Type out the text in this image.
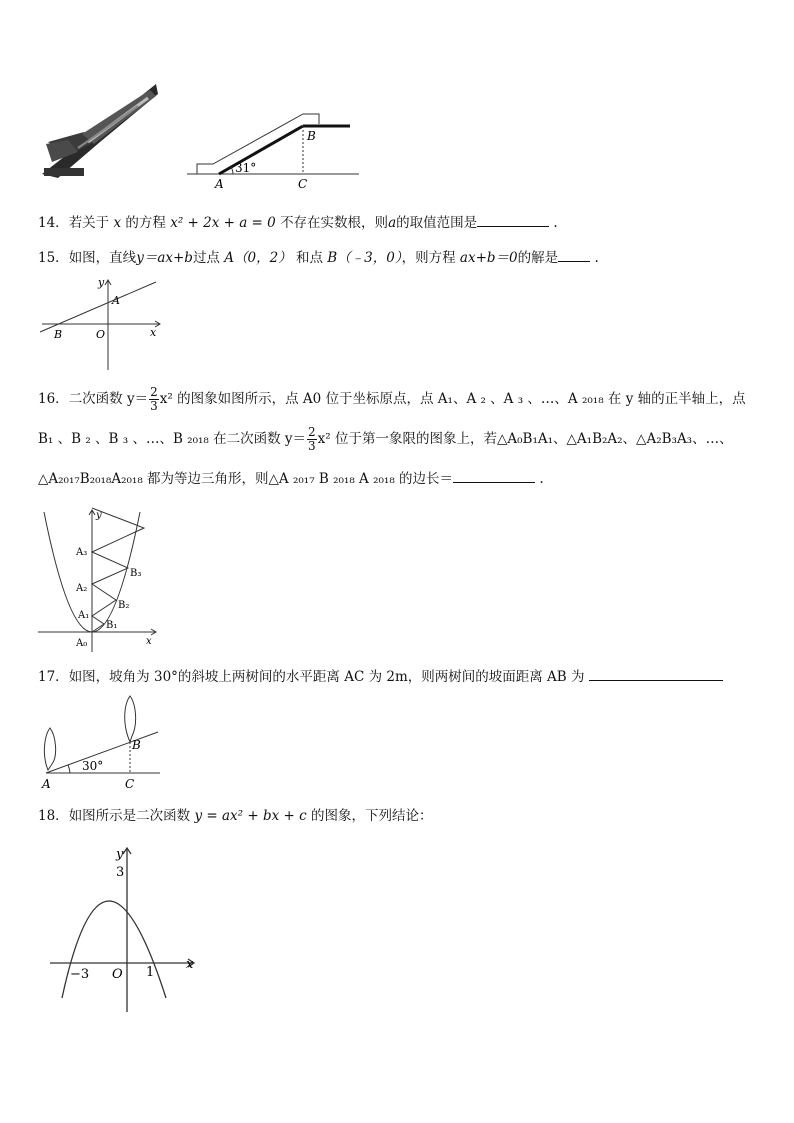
31°
A
B
C
14．若关于 x 的方程 x² + 2x + a = 0 不存在实数根，则a的取值范围是	.
15．如图，直线y＝ax+b过点 A（0，2） 和点 B（﹣3，0），则方程 ax+b＝0的解是	.
y
x
A
B	O
16．二次函数 $y= \frac{2}{3} x^2$ 的图象如图所示，点 A0 位于坐标原点，点 A₁、A ₂ 、A ₃ 、…、A ₂₀₁₈ 在 y 轴的正半轴上，点
B₁ 、B ₂ 、B ₃ 、…、B ₂₀₁₈ 在二次函数 $y= \frac{2}{3} x^2$ 位于第一象限的图象上，若△A₀B₁A₁、△A₁B₂A₂、△A₂B₃A₃、…、
△A₂₀₁₇B₂₀₁₈A₂₀₁₈ 都为等边三角形，则△A ₂₀₁₇ B ₂₀₁₈ A ₂₀₁₈ 的边长＝	.
y
x
A₃
A₂
A₁
A₀
B₃
B₂
B₁
17．如图，坡角为 30°的斜坡上两树间的水平距离 AC 为 2m，则两树间的坡面距离 AB 为
30°
A
B
C
18．如图所示是二次函数 y = ax² + bx + c 的图象，下列结论：
y
x
3
−3 O 1
